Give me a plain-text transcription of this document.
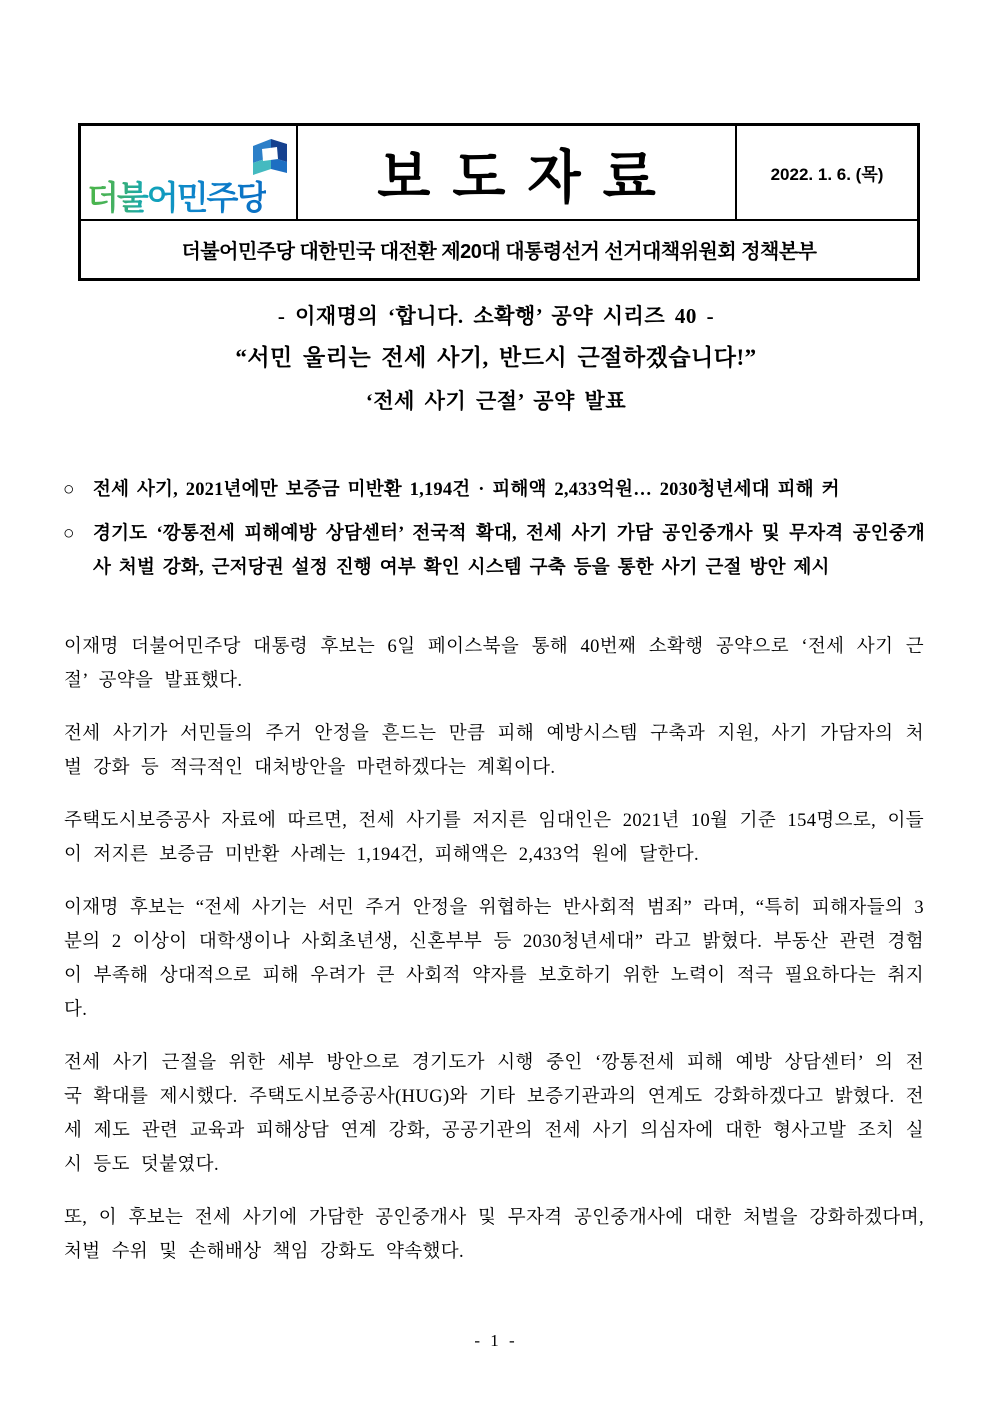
더불어민주당 보도자료	2022. 1. 6. (목)
더불어민주당 대한민국 대전환 제20대 대통령선거 선거대책위원회 정책본부

- 이재명의 ‘합니다. 소확행’ 공약 시리즈 40 -

“서민 울리는 전세 사기, 반드시 근절하겠습니다!”

‘전세 사기 근절’ 공약 발표

○ 전세 사기, 2021년에만 보증금 미반환 1,194건 · 피해액 2,433억원… 2030청년세대 피해 커
○ 경기도 ‘깡통전세 피해예방 상담센터’ 전국적 확대, 전세 사기 가담 공인중개사 및 무자격 공인중개사 처벌 강화, 근저당권 설정 진행 여부 확인 시스템 구축 등을 통한 사기 근절 방안 제시

이재명 더불어민주당 대통령 후보는 6일 페이스북을 통해 40번째 소확행 공약으로 ‘전세 사기 근절’ 공약을 발표했다.

전세 사기가 서민들의 주거 안정을 흔드는 만큼 피해 예방시스템 구축과 지원, 사기 가담자의 처벌 강화 등 적극적인 대처방안을 마련하겠다는 계획이다.

주택도시보증공사 자료에 따르면, 전세 사기를 저지른 임대인은 2021년 10월 기준 154명으로, 이들이 저지른 보증금 미반환 사례는 1,194건, 피해액은 2,433억 원에 달한다.

이재명 후보는 “전세 사기는 서민 주거 안정을 위협하는 반사회적 범죄” 라며, “특히 피해자들의 3분의 2 이상이 대학생이나 사회초년생, 신혼부부 등 2030청년세대” 라고 밝혔다. 부동산 관련 경험이 부족해 상대적으로 피해 우려가 큰 사회적 약자를 보호하기 위한 노력이 적극 필요하다는 취지다.

전세 사기 근절을 위한 세부 방안으로 경기도가 시행 중인 ‘깡통전세 피해 예방 상담센터’ 의 전국 확대를 제시했다. 주택도시보증공사(HUG)와 기타 보증기관과의 연계도 강화하겠다고 밝혔다. 전세 제도 관련 교육과 피해상담 연계 강화, 공공기관의 전세 사기 의심자에 대한 형사고발 조치 실시 등도 덧붙였다.

또, 이 후보는 전세 사기에 가담한 공인중개사 및 무자격 공인중개사에 대한 처벌을 강화하겠다며, 처벌 수위 및 손해배상 책임 강화도 약속했다.

- 1 -
